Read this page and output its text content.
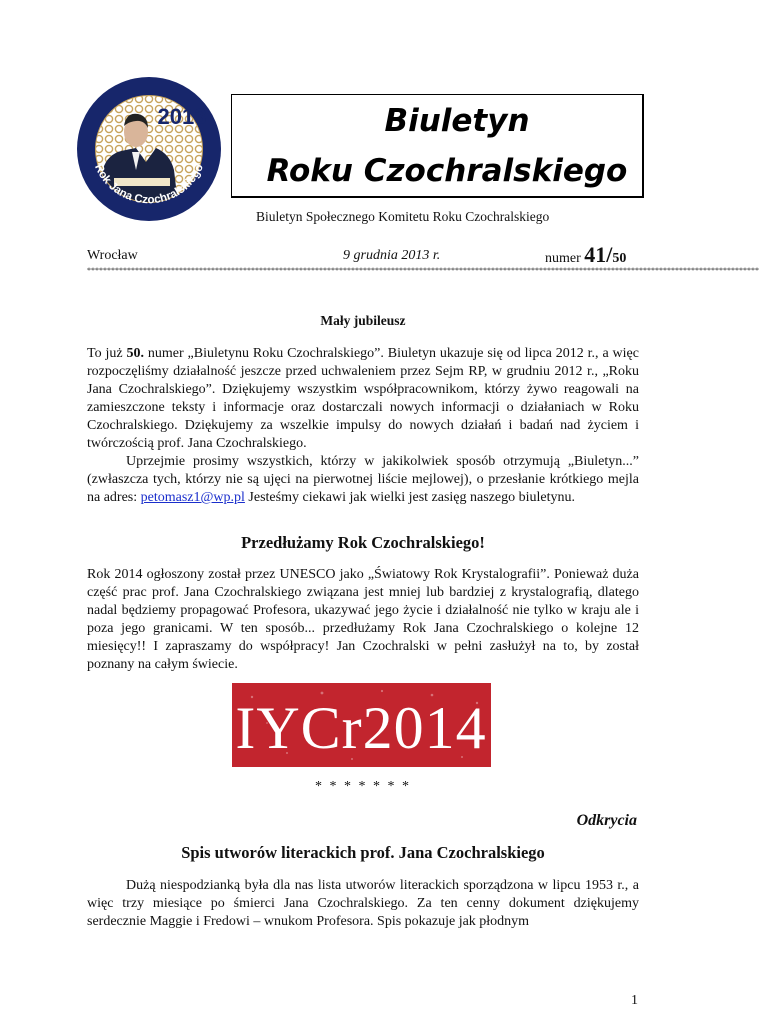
2013
Rok Jana Czochralskiego
Biuletyn
Roku Czochralskiego
Biuletyn Społecznego Komitetu Roku Czochralskiego
Wrocław	9 grudnia 2013 r.	numer 41/50
************************************************************************************************************************************************************************
Mały jubileusz

To już 50. numer „Biuletynu Roku Czochralskiego”. Biuletyn ukazuje się od lipca 2012 r., a więc rozpoczęliśmy działalność jeszcze przed uchwaleniem przez Sejm RP, w grudniu 2012 r., „Roku Jana Czochralskiego”. Dziękujemy wszystkim współpracownikom, którzy żywo reagowali na zamieszczone teksty i informacje oraz dostarczali nowych informacji o działaniach w Roku Czochralskiego. Dziękujemy za wszelkie impulsy do nowych działań i badań nad życiem i twórczością prof. Jana Czochralskiego.

Uprzejmie prosimy wszystkich, którzy w jakikolwiek sposób otrzymują „Biuletyn...” (zwłaszcza tych, którzy nie są ujęci na pierwotnej liście mejlowej), o przesłanie krótkiego mejla na adres: petomasz1@wp.pl Jesteśmy ciekawi jak wielki jest zasięg naszego biuletynu.

Przedłużamy Rok Czochralskiego!

Rok 2014 ogłoszony został przez UNESCO jako „Światowy Rok Krystalografii”. Ponieważ duża część prac prof. Jana Czochralskiego związana jest mniej lub bardziej z krystalografią, dlatego nadal będziemy propagować Profesora, ukazywać jego życie i działalność nie tylko w kraju ale i poza jego granicami. W ten sposób... przedłużamy Rok Jana Czochralskiego o kolejne 12 miesięcy!! I zapraszamy do współpracy! Jan Czochralski w pełni zasłużył na to, by został poznany na całym świecie.

IYCr2014
* * * * * * *
Odkrycia
Spis utworów literackich prof. Jana Czochralskiego

Dużą niespodzianką była dla nas lista utworów literackich sporządzona w lipcu 1953 r., a więc trzy miesiące po śmierci Jana Czochralskiego. Za ten cenny dokument dziękujemy serdecznie Maggie i Fredowi – wnukom Profesora. Spis pokazuje jak płodnym

1
